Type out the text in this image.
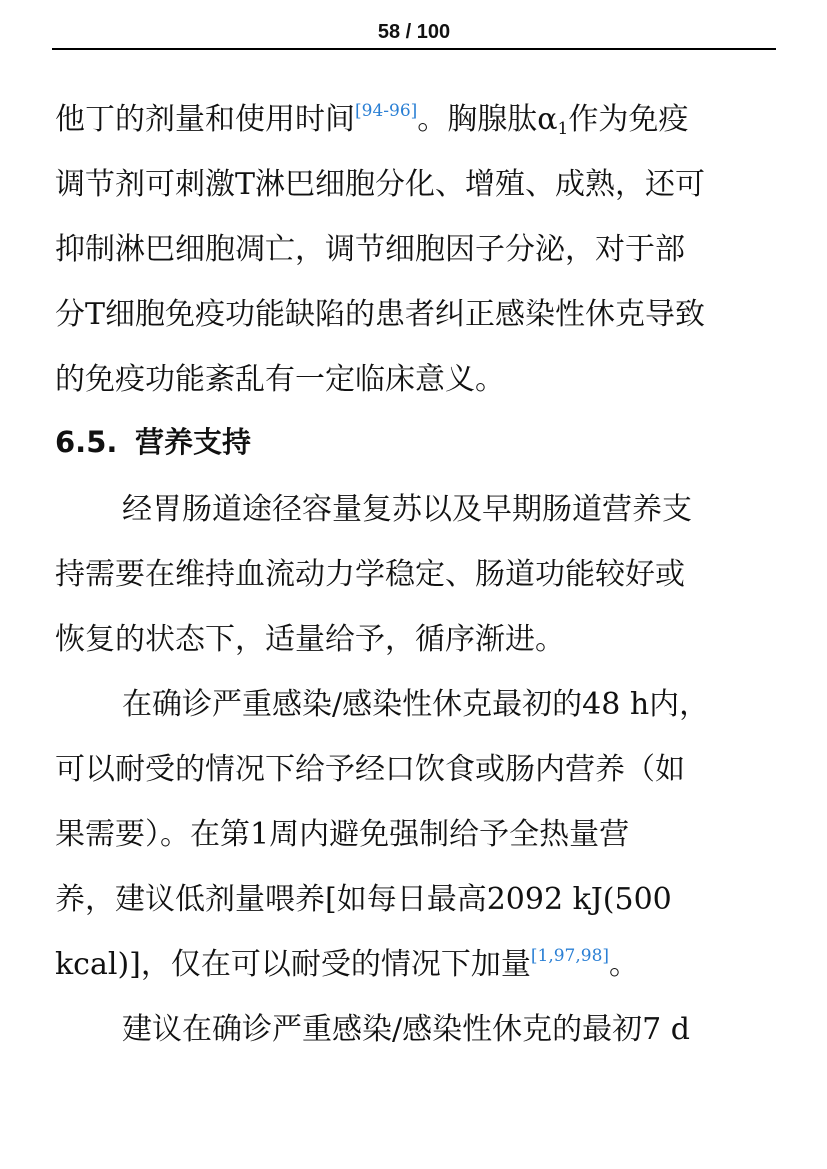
58 / 100
他丁的剂量和使用时间[94-96]。胸腺肽$\alpha_1$作为免疫
调节剂可刺激T淋巴细胞分化、增殖、成熟，还可
抑制淋巴细胞凋亡，调节细胞因子分泌，对于部
分T细胞免疫功能缺陷的患者纠正感染性休克导致
的免疫功能紊乱有一定临床意义。
6.5. 营养支持
经胃肠道途径容量复苏以及早期肠道营养支
持需要在维持血流动力学稳定、肠道功能较好或
恢复的状态下，适量给予，循序渐进。
在确诊严重感染/感染性休克最初的48 h内，
可以耐受的情况下给予经口饮食或肠内营养（如
果需要）。在第1周内避免强制给予全热量营
养，建议低剂量喂养[如每日最高2092 kJ(500
kcal)]，仅在可以耐受的情况下加量[1,97,98]。
建议在确诊严重感染/感染性休克的最初7 d
